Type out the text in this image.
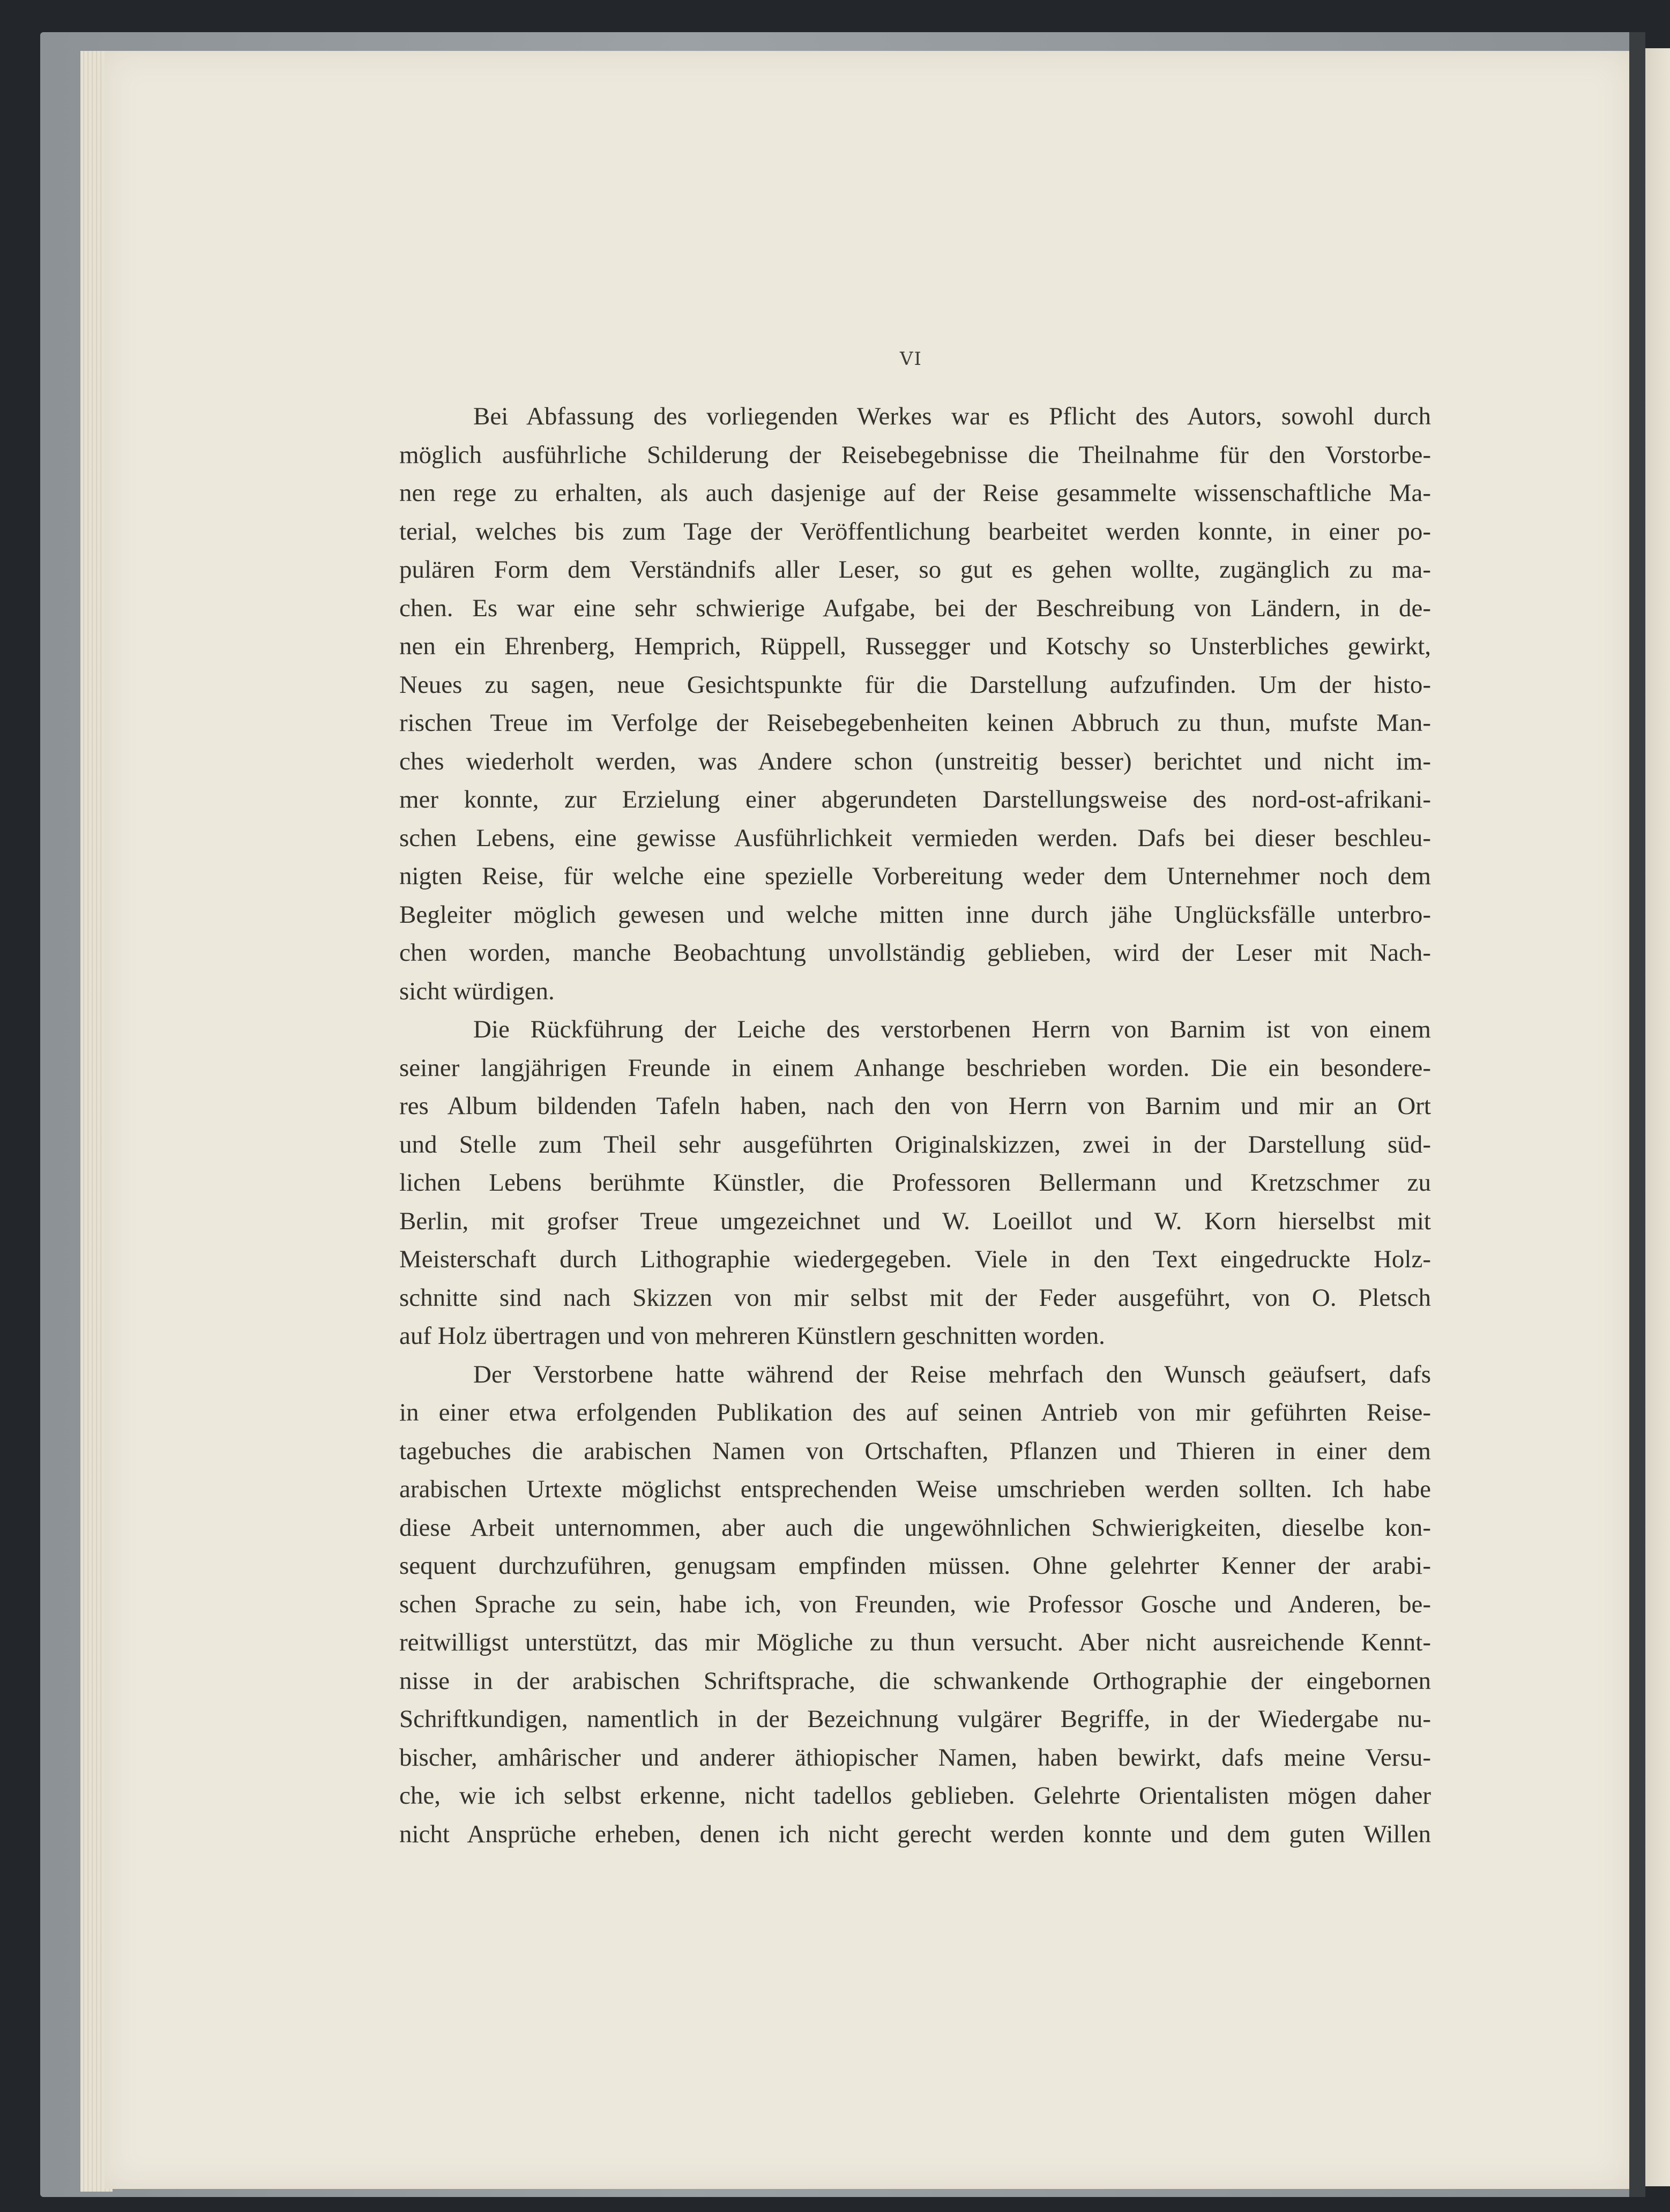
VI
Bei Abfassung des vorliegenden Werkes war es Pflicht des Autors, sowohl durch
möglich ausführliche Schilderung der Reisebegebnisse die Theilnahme für den Vorstorbe-
nen rege zu erhalten, als auch dasjenige auf der Reise gesammelte wissenschaftliche Ma-
terial, welches bis zum Tage der Veröffentlichung bearbeitet werden konnte, in einer po-
pulären Form dem Verständnifs aller Leser, so gut es gehen wollte, zugänglich zu ma-
chen. Es war eine sehr schwierige Aufgabe, bei der Beschreibung von Ländern, in de-
nen ein Ehrenberg, Hemprich, Rüppell, Russegger und Kotschy so Unsterbliches gewirkt,
Neues zu sagen, neue Gesichtspunkte für die Darstellung aufzufinden. Um der histo-
rischen Treue im Verfolge der Reisebegebenheiten keinen Abbruch zu thun, mufste Man-
ches wiederholt werden, was Andere schon (unstreitig besser) berichtet und nicht im-
mer konnte, zur Erzielung einer abgerundeten Darstellungsweise des nord-ost-afrikani-
schen Lebens, eine gewisse Ausführlichkeit vermieden werden. Dafs bei dieser beschleu-
nigten Reise, für welche eine spezielle Vorbereitung weder dem Unternehmer noch dem
Begleiter möglich gewesen und welche mitten inne durch jähe Unglücksfälle unterbro-
chen worden, manche Beobachtung unvollständig geblieben, wird der Leser mit Nach-
sicht würdigen.
Die Rückführung der Leiche des verstorbenen Herrn von Barnim ist von einem
seiner langjährigen Freunde in einem Anhange beschrieben worden. Die ein besondere-
res Album bildenden Tafeln haben, nach den von Herrn von Barnim und mir an Ort
und Stelle zum Theil sehr ausgeführten Originalskizzen, zwei in der Darstellung süd-
lichen Lebens berühmte Künstler, die Professoren Bellermann und Kretzschmer zu
Berlin, mit grofser Treue umgezeichnet und W. Loeillot und W. Korn hierselbst mit
Meisterschaft durch Lithographie wiedergegeben. Viele in den Text eingedruckte Holz-
schnitte sind nach Skizzen von mir selbst mit der Feder ausgeführt, von O. Pletsch
auf Holz übertragen und von mehreren Künstlern geschnitten worden.
Der Verstorbene hatte während der Reise mehrfach den Wunsch geäufsert, dafs
in einer etwa erfolgenden Publikation des auf seinen Antrieb von mir geführten Reise-
tagebuches die arabischen Namen von Ortschaften, Pflanzen und Thieren in einer dem
arabischen Urtexte möglichst entsprechenden Weise umschrieben werden sollten. Ich habe
diese Arbeit unternommen, aber auch die ungewöhnlichen Schwierigkeiten, dieselbe kon-
sequent durchzuführen, genugsam empfinden müssen. Ohne gelehrter Kenner der arabi-
schen Sprache zu sein, habe ich, von Freunden, wie Professor Gosche und Anderen, be-
reitwilligst unterstützt, das mir Mögliche zu thun versucht. Aber nicht ausreichende Kennt-
nisse in der arabischen Schriftsprache, die schwankende Orthographie der eingebornen
Schriftkundigen, namentlich in der Bezeichnung vulgärer Begriffe, in der Wiedergabe nu-
bischer, amhârischer und anderer äthiopischer Namen, haben bewirkt, dafs meine Versu-
che, wie ich selbst erkenne, nicht tadellos geblieben. Gelehrte Orientalisten mögen daher
nicht Ansprüche erheben, denen ich nicht gerecht werden konnte und dem guten Willen
